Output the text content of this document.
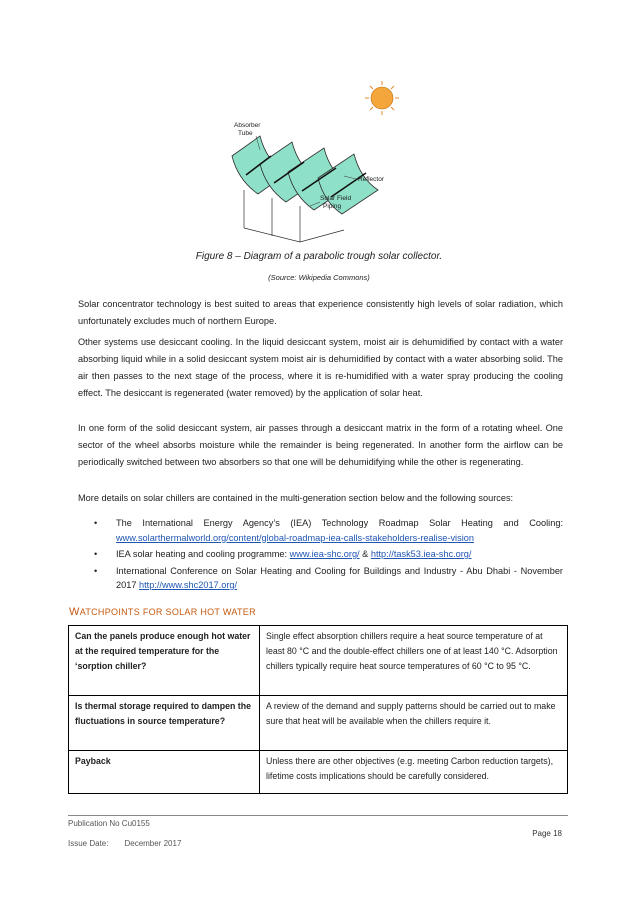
Absorber
Tube
Reflector
Solar Field
Piping
Figure 8 – Diagram of a parabolic trough solar collector.
(Source: Wikipedia Commons)

Solar concentrator technology is best suited to areas that experience consistently high levels of solar radiation, which unfortunately excludes much of northern Europe.

Other systems use desiccant cooling. In the liquid desiccant system, moist air is dehumidified by contact with a water absorbing liquid while in a solid desiccant system moist air is dehumidified by contact with a water absorbing solid. The air then passes to the next stage of the process, where it is re-humidified with a water spray producing the cooling effect. The desiccant is regenerated (water removed) by the application of solar heat.

In one form of the solid desiccant system, air passes through a desiccant matrix in the form of a rotating wheel. One sector of the wheel absorbs moisture while the remainder is being regenerated. In another form the airflow can be periodically switched between two absorbers so that one will be dehumidifying while the other is regenerating.

More details on solar chillers are contained in the multi-generation section below and the following sources:

• The International Energy Agency’s (IEA) Technology Roadmap Solar Heating and Cooling: www.solarthermalworld.org/content/global-roadmap-iea-calls-stakeholders-realise-vision
• IEA solar heating and cooling programme: www.iea-shc.org/ & http://task53.iea-shc.org/
• International Conference on Solar Heating and Cooling for Buildings and Industry - Abu Dhabi - November 2017 http://www.shc2017.org/
WATCHPOINTS FOR SOLAR HOT WATER
Can the panels produce enough hot water at the required temperature for the ‘sorption chiller?	Single effect absorption chillers require a heat source temperature of at least 80 °C and the double-effect chillers one of at least 140 °C. Adsorption chillers typically require heat source temperatures of 60 °C to 95 °C.
Is thermal storage required to dampen the fluctuations in source temperature?	A review of the demand and supply patterns should be carried out to make sure that heat will be available when the chillers require it.
Payback	Unless there are other objectives (e.g. meeting Carbon reduction targets), lifetime costs implications should be carefully considered.
Publication No Cu0155
Issue Date: December 2017
Page 18
